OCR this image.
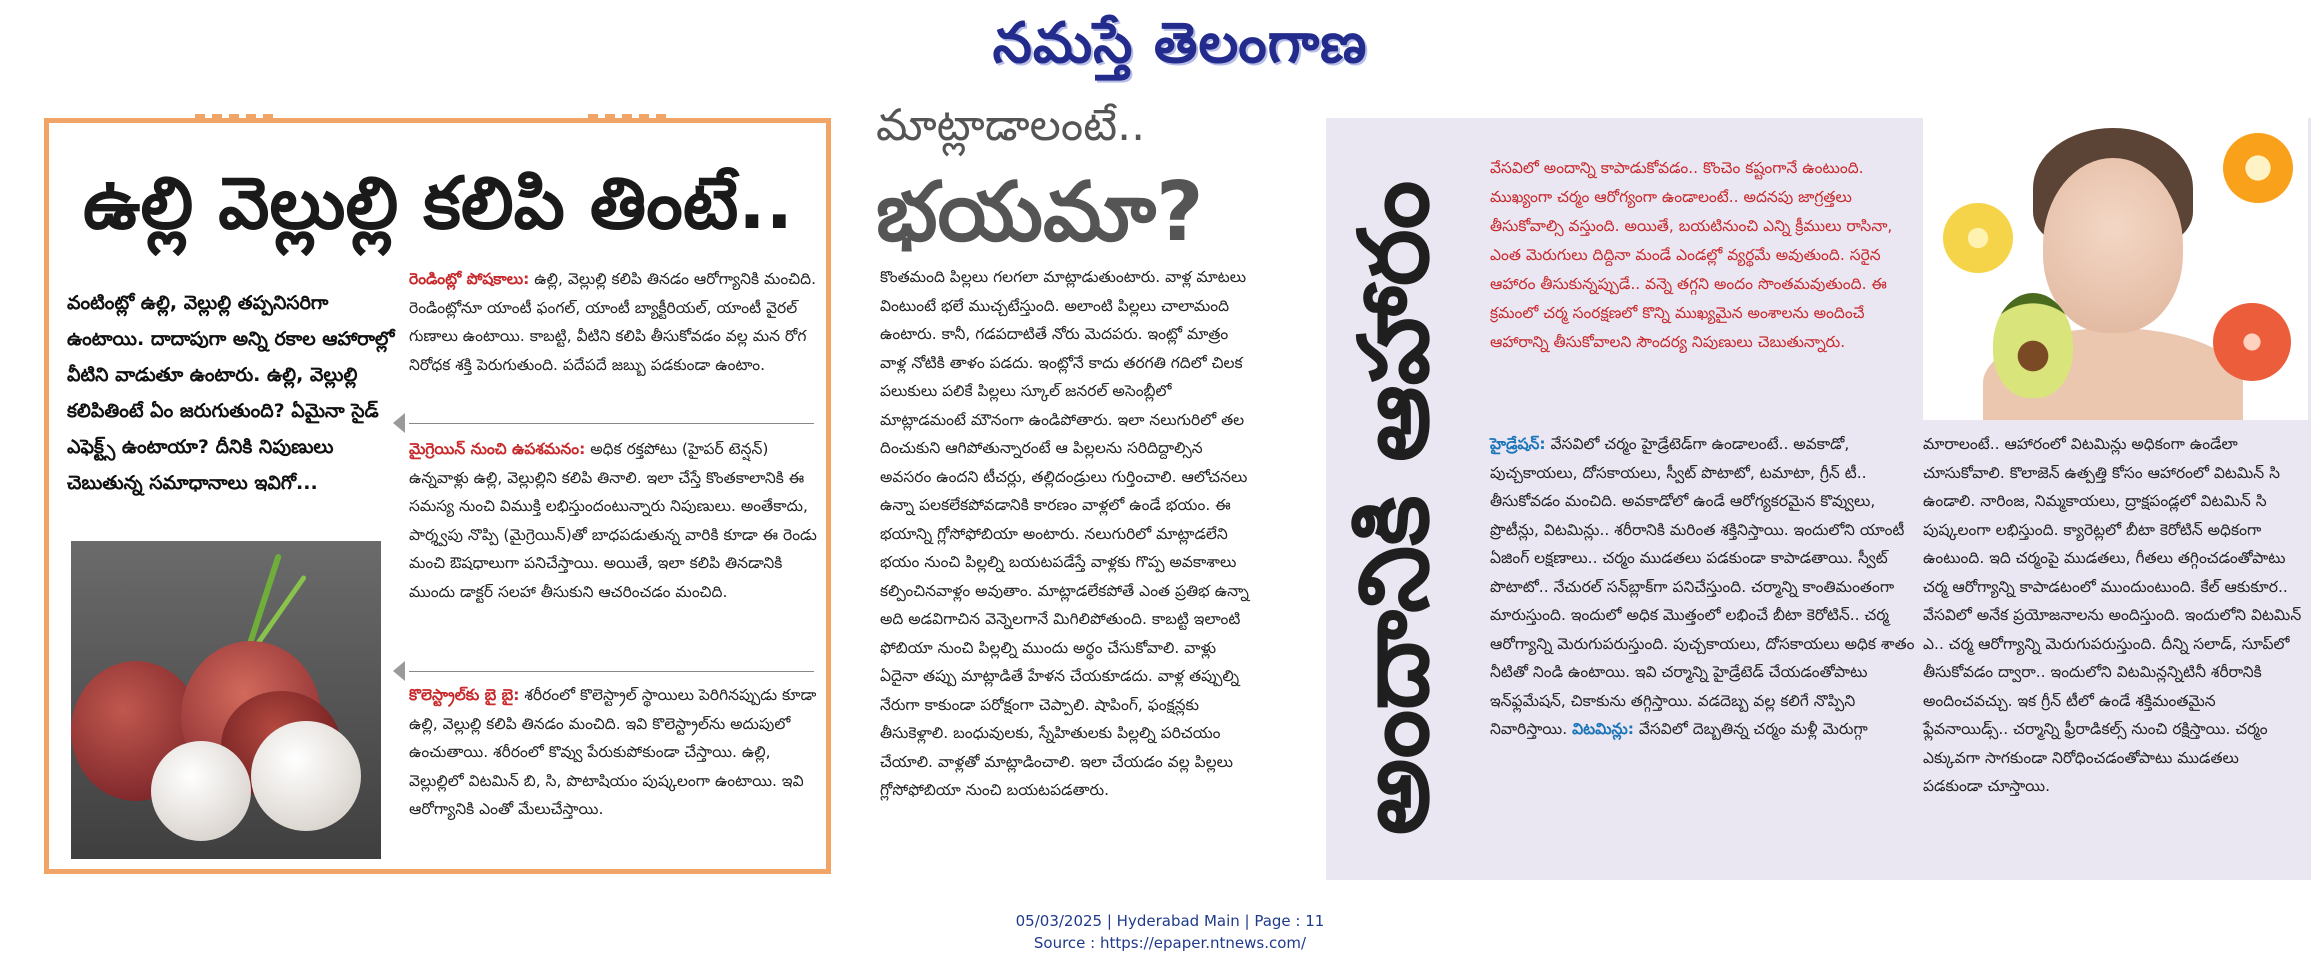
నమస్తే తెలంగాణ
ఉల్లి వెల్లుల్లి కలిపి తింటే..
వంటింట్లో ఉల్లి, వెల్లుల్లి తప్పనిసరిగా ఉంటాయి. దాదాపుగా అన్ని రకాల ఆహారాల్లో వీటిని వాడుతూ ఉంటారు. ఉల్లి, వెల్లుల్లి కలిపితింటే ఏం జరుగుతుంది? ఏమైనా సైడ్ ఎఫెక్ట్స్ ఉంటాయా? దీనికి నిపుణులు చెబుతున్న సమాధానాలు ఇవిగో...
రెండింట్లో పోషకాలు: ఉల్లి, వెల్లుల్లి కలిపి తినడం ఆరోగ్యానికి మంచిది. రెండింట్లోనూ యాంటీ ఫంగల్, యాంటీ బ్యాక్టీరియల్, యాంటీ వైరల్ గుణాలు ఉంటాయి. కాబట్టి, వీటిని కలిపి తీసుకోవడం వల్ల మన రోగ నిరోధక శక్తి పెరుగుతుంది. పదేపదే జబ్బు పడకుండా ఉంటాం.
మైగ్రెయిన్ నుంచి ఉపశమనం: అధిక రక్తపోటు (హైపర్ టెన్షన్) ఉన్నవాళ్లు ఉల్లి, వెల్లుల్లిని కలిపి తినాలి. ఇలా చేస్తే కొంతకాలానికి ఈ సమస్య నుంచి విముక్తి లభిస్తుందంటున్నారు నిపుణులు. అంతేకాదు, పార్శ్వపు నొప్పి (మైగ్రెయిన్)తో బాధపడుతున్న వారికి కూడా ఈ రెండు మంచి ఔషధాలుగా పనిచేస్తాయి. అయితే, ఇలా కలిపి తినడానికి ముందు డాక్టర్ సలహా తీసుకుని ఆచరించడం మంచిది.
కొలెస్ట్రాల్‌కు బై బై: శరీరంలో కొలెస్ట్రాల్ స్థాయిలు పెరిగినప్పుడు కూడా ఉల్లి, వెల్లుల్లి కలిపి తినడం మంచిది. ఇవి కొలెస్ట్రాల్‌ను అదుపులో ఉంచుతాయి. శరీరంలో కొవ్వు పేరుకుపోకుండా చేస్తాయి. ఉల్లి, వెల్లుల్లిలో విటమిన్ బి, సి, పొటాషియం పుష్కలంగా ఉంటాయి. ఇవి ఆరోగ్యానికి ఎంతో మేలుచేస్తాయి.
మాట్లాడాలంటే..
భయమా?
కొంతమంది పిల్లలు గలగలా మాట్లాడుతుంటారు. వాళ్ల మాటలు వింటుంటే భలే ముచ్చటేస్తుంది. అలాంటి పిల్లలు చాలామంది ఉంటారు. కానీ, గడపదాటితే నోరు మెదపరు. ఇంట్లో మాత్రం వాళ్ల నోటికి తాళం పడదు. ఇంట్లోనే కాదు తరగతి గదిలో చిలక పలుకులు పలికే పిల్లలు స్కూల్ జనరల్ అసెంబ్లీలో మాట్లాడమంటే మౌనంగా ఉండిపోతారు. ఇలా నలుగురిలో తల దించుకుని ఆగిపోతున్నారంటే ఆ పిల్లలను సరిదిద్దాల్సిన అవసరం ఉందని టీచర్లు, తల్లిదండ్రులు గుర్తించాలి. ఆలోచనలు ఉన్నా పలకలేకపోవడానికి కారణం వాళ్లలో ఉండే భయం. ఈ భయాన్ని గ్లోసోఫోబియా అంటారు. నలుగురిలో మాట్లాడలేని భయం నుంచి పిల్లల్ని బయటపడేస్తే వాళ్లకు గొప్ప అవకాశాలు కల్పించినవాళ్లం అవుతాం. మాట్లాడలేకపోతే ఎంత ప్రతిభ ఉన్నా అది అడవిగాచిన వెన్నెలగానే మిగిలిపోతుంది. కాబట్టి ఇలాంటి ఫోబియా నుంచి పిల్లల్ని ముందు అర్థం చేసుకోవాలి. వాళ్లు ఏదైనా తప్పు మాట్లాడితే హేళన చేయకూడదు. వాళ్ల తప్పుల్ని నేరుగా కాకుండా పరోక్షంగా చెప్పాలి. షాపింగ్, ఫంక్షన్లకు తీసుకెళ్లాలి. బంధువులకు, స్నేహితులకు పిల్లల్ని పరిచయం చేయాలి. వాళ్లతో మాట్లాడించాలి. ఇలా చేయడం వల్ల పిల్లలు గ్లోసోఫోబియా నుంచి బయటపడతారు.	అందానికి ఆహారం
వేసవిలో అందాన్ని కాపాడుకోవడం.. కొంచెం కష్టంగానే ఉంటుంది. ముఖ్యంగా చర్మం ఆరోగ్యంగా ఉండాలంటే.. అదనపు జాగ్రత్తలు తీసుకోవాల్సి వస్తుంది. అయితే, బయటినుంచి ఎన్ని క్రీములు రాసినా, ఎంత మెరుగులు దిద్దినా మండే ఎండల్లో వ్యర్థమే అవుతుంది. సరైన ఆహారం తీసుకున్నప్పుడే.. వన్నె తగ్గని అందం సొంతమవుతుంది. ఈ క్రమంలో చర్మ సంరక్షణలో కొన్ని ముఖ్యమైన అంశాలను అందించే ఆహారాన్ని తీసుకోవాలని సౌందర్య నిపుణులు చెబుతున్నారు.
హైడ్రేషన్: వేసవిలో చర్మం హైడ్రేటెడ్‌గా ఉండాలంటే.. అవకాడో, పుచ్చకాయలు, దోసకాయలు, స్వీట్ పొటాటో, టమాటా, గ్రీన్ టీ.. తీసుకోవడం మంచిది. అవకాడోలో ఉండే ఆరోగ్యకరమైన కొవ్వులు, ప్రొటీన్లు, విటమిన్లు.. శరీరానికి మరింత శక్తినిస్తాయి. ఇందులోని యాంటీ ఏజింగ్ లక్షణాలు.. చర్మం ముడతలు పడకుండా కాపాడతాయి. స్వీట్ పొటాటో.. నేచురల్ సన్‌బ్లాక్‌గా పనిచేస్తుంది. చర్మాన్ని కాంతిమంతంగా మారుస్తుంది. ఇందులో అధిక మొత్తంలో లభించే బీటా కెరోటిన్.. చర్మ ఆరోగ్యాన్ని మెరుగుపరుస్తుంది. పుచ్చకాయలు, దోసకాయలు అధిక శాతం నీటితో నిండి ఉంటాయి. ఇవి చర్మాన్ని హైడ్రేటెడ్ చేయడంతోపాటు ఇన్‌ఫ్లమేషన్, చికాకును తగ్గిస్తాయి. వడదెబ్బ వల్ల కలిగే నొప్పిని నివారిస్తాయి. విటమిన్లు: వేసవిలో దెబ్బతిన్న చర్మం మళ్లీ మెరుగ్గా
మారాలంటే.. ఆహారంలో విటమిన్లు అధికంగా ఉండేలా చూసుకోవాలి. కొలాజెన్ ఉత్పత్తి కోసం ఆహారంలో విటమిన్ సి ఉండాలి. నారింజ, నిమ్మకాయలు, ద్రాక్షపండ్లలో విటమిన్ సి పుష్కలంగా లభిస్తుంది. క్యారెట్లలో బీటా కెరోటిన్ అధికంగా ఉంటుంది. ఇది చర్మంపై ముడతలు, గీతలు తగ్గించడంతోపాటు చర్మ ఆరోగ్యాన్ని కాపాడటంలో ముందుంటుంది. కేల్ ఆకుకూర.. వేసవిలో అనేక ప్రయోజనాలను అందిస్తుంది. ఇందులోని విటమిన్ ఎ.. చర్మ ఆరోగ్యాన్ని మెరుగుపరుస్తుంది. దీన్ని సలాడ్, సూప్‌లో తీసుకోవడం ద్వారా.. ఇందులోని విటమిన్లన్నిటినీ శరీరానికి అందించవచ్చు. ఇక గ్రీన్ టీలో ఉండే శక్తిమంతమైన ఫ్లేవనాయిడ్స్.. చర్మాన్ని ఫ్రీరాడికల్స్ నుంచి రక్షిస్తాయి. చర్మం ఎక్కువగా సాగకుండా నిరోధించడంతోపాటు ముడతలు పడకుండా చూస్తాయి.
05/03/2025 | Hyderabad Main | Page : 11
Source : https://epaper.ntnews.com/
